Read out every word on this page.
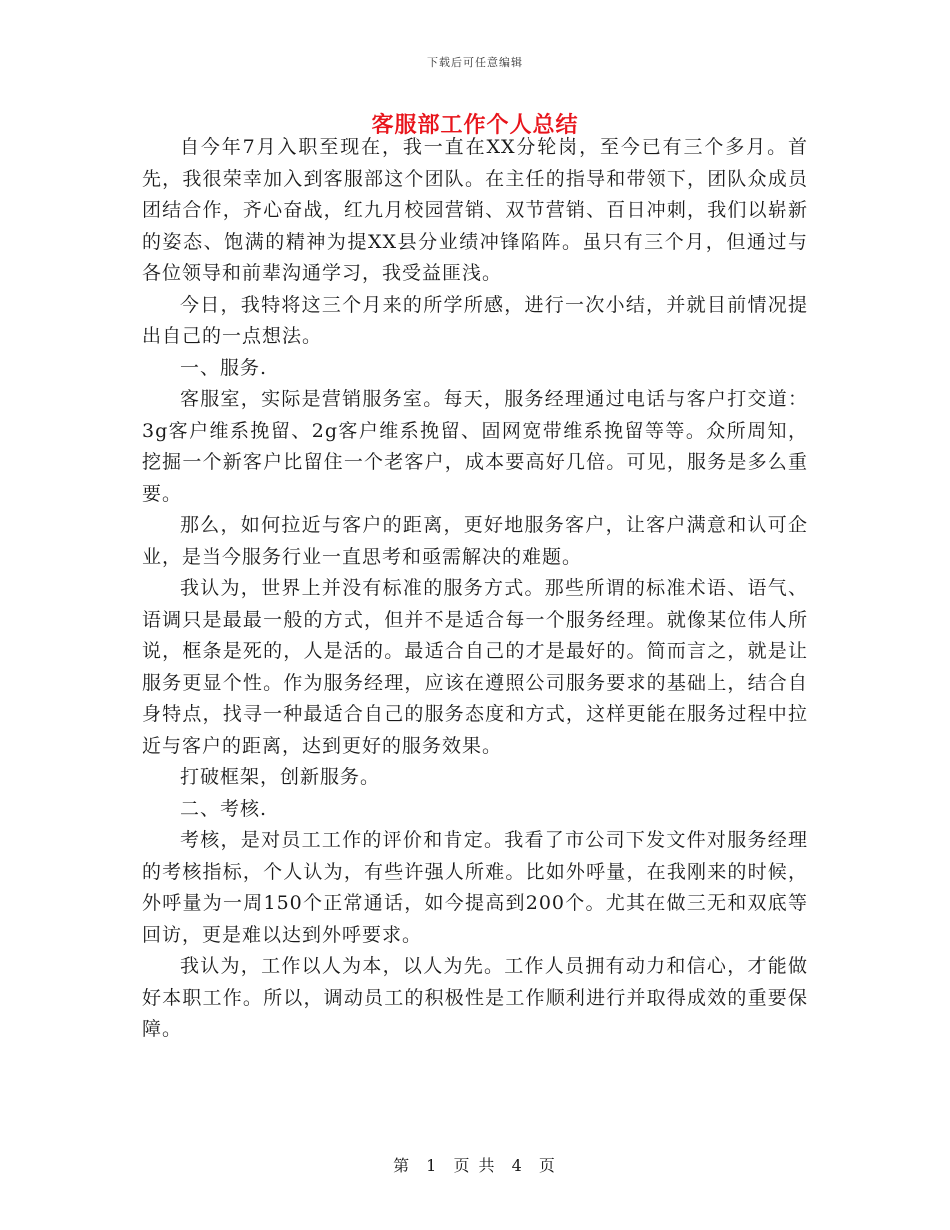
下载后可任意编辑
客服部工作个人总结

自今年7月入职至现在，我一直在XX分轮岗，至今已有三个多月。首先，我很荣幸加入到客服部这个团队。在主任的指导和带领下，团队众成员团结合作，齐心奋战，红九月校园营销、双节营销、百日冲刺，我们以崭新的姿态、饱满的精神为提XX县分业绩冲锋陷阵。虽只有三个月，但通过与各位领导和前辈沟通学习，我受益匪浅。

今日，我特将这三个月来的所学所感，进行一次小结，并就目前情况提出自己的一点想法。

一、服务.

客服室，实际是营销服务室。每天，服务经理通过电话与客户打交道：3g客户维系挽留、2g客户维系挽留、固网宽带维系挽留等等。众所周知，挖掘一个新客户比留住一个老客户，成本要高好几倍。可见，服务是多么重要。

那么，如何拉近与客户的距离，更好地服务客户，让客户满意和认可企业，是当今服务行业一直思考和亟需解决的难题。

我认为，世界上并没有标准的服务方式。那些所谓的标准术语、语气、语调只是最最一般的方式，但并不是适合每一个服务经理。就像某位伟人所说，框条是死的，人是活的。最适合自己的才是最好的。简而言之，就是让服务更显个性。作为服务经理，应该在遵照公司服务要求的基础上，结合自身特点，找寻一种最适合自己的服务态度和方式，这样更能在服务过程中拉近与客户的距离，达到更好的服务效果。

打破框架，创新服务。

二、考核.

考核，是对员工工作的评价和肯定。我看了市公司下发文件对服务经理的考核指标，个人认为，有些许强人所难。比如外呼量，在我刚来的时候，外呼量为一周150个正常通话，如今提高到200个。尤其在做三无和双底等回访，更是难以达到外呼要求。

我认为，工作以人为本，以人为先。工作人员拥有动力和信心，才能做好本职工作。所以，调动员工的积极性是工作顺利进行并取得成效的重要保障。

第 1 页 共 4 页
